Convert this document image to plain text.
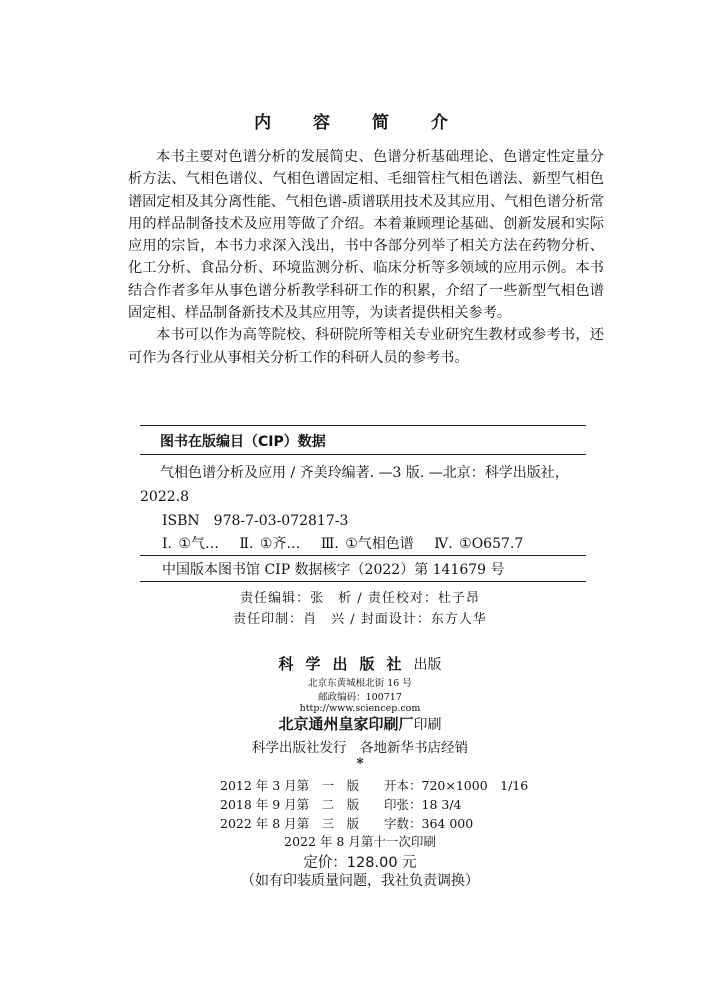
内 容 简 介

本书主要对色谱分析的发展简史、色谱分析基础理论、色谱定性定量分析方法、气相色谱仪、气相色谱固定相、毛细管柱气相色谱法、新型气相色谱固定相及其分离性能、气相色谱-质谱联用技术及其应用、气相色谱分析常用的样品制备技术及应用等做了介绍。本着兼顾理论基础、创新发展和实际应用的宗旨，本书力求深入浅出，书中各部分列举了相关方法在药物分析、化工分析、食品分析、环境监测分析、临床分析等多领域的应用示例。本书结合作者多年从事色谱分析教学科研工作的积累，介绍了一些新型气相色谱固定相、样品制备新技术及其应用等，为读者提供相关参考。

本书可以作为高等院校、科研院所等相关专业研究生教材或参考书，还可作为各行业从事相关分析工作的科研人员的参考书。

图书在版编目（CIP）数据
气相色谱分析及应用 / 齐美玲编著. —3 版. —北京：科学出版社，2022.8
ISBN　978-7-03-072817-3
Ⅰ. ①气… Ⅱ. ①齐… Ⅲ. ①气相色谱 Ⅳ. ①O657.7
中国版本图书馆 CIP 数据核字（2022）第 141679 号
责任编辑：张　析 / 责任校对：杜子昂
责任印制：肖　兴 / 封面设计：东方人华
科学出版社出版
北京东黄城根北街 16 号
邮政编码：100717
http://www.sciencep.com
北京通州皇家印刷厂印刷
科学出版社发行　各地新华书店经销
*
2012 年 3 月第　一　版 开本：720×1000　1/16
2018 年 9 月第　二　版 印张：18 3/4
2022 年 8 月第　三　版 字数：364 000
2022 年 8 月第十一次印刷
定价：128.00 元
（如有印装质量问题，我社负责调换）
